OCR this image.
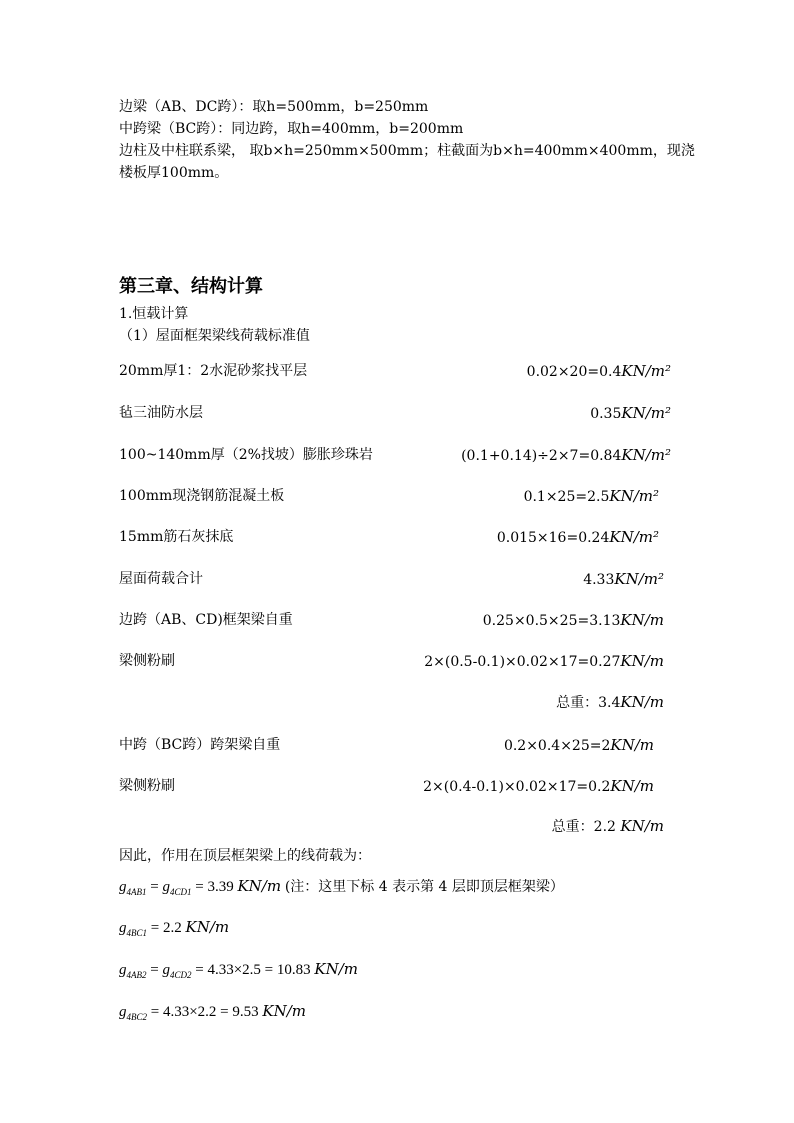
边梁（AB、DC跨）：取h=500mm，b=250mm
中跨梁（BC跨）：同边跨，取h=400mm，b=200mm
边柱及中柱联系梁， 取b×h=250mm×500mm；柱截面为b×h=400mm×400mm，现浇
楼板厚100mm。
第三章、结构计算
1.恒载计算
（1）屋面框架梁线荷载标准值
20mm厚1：2水泥砂浆找平层	0.02×20=0.4KN/m²
毡三油防水层	0.35KN/m²
100~140mm厚（2%找坡）膨胀珍珠岩	(0.1+0.14)÷2×7=0.84KN/m²
100mm现浇钢筋混凝土板	0.1×25=2.5KN/m²
15mm筋石灰抹底	0.015×16=0.24KN/m²
屋面荷载合计	4.33KN/m²
边跨（AB、CD)框架梁自重	0.25×0.5×25=3.13KN/m
梁侧粉刷	2×(0.5-0.1)×0.02×17=0.27KN/m
总重：3.4KN/m
中跨（BC跨）跨架梁自重	0.2×0.4×25=2KN/m
梁侧粉刷	2×(0.4-0.1)×0.02×17=0.2KN/m
总重：2.2 KN/m
因此，作用在顶层框架梁上的线荷载为：
$g_{4AB1} = g_{4CD1} = 3.39$ KN/m (注：这里下标 4 表示第 4 层即顶层框架梁）
$g_{4BC1} = 2.2$ KN/m
$g_{4AB2} = g_{4CD2} = 4.33\times 2.5 = 10.83$ KN/m
$g_{4BC2} = 4.33\times 2.2 = 9.53$ KN/m
